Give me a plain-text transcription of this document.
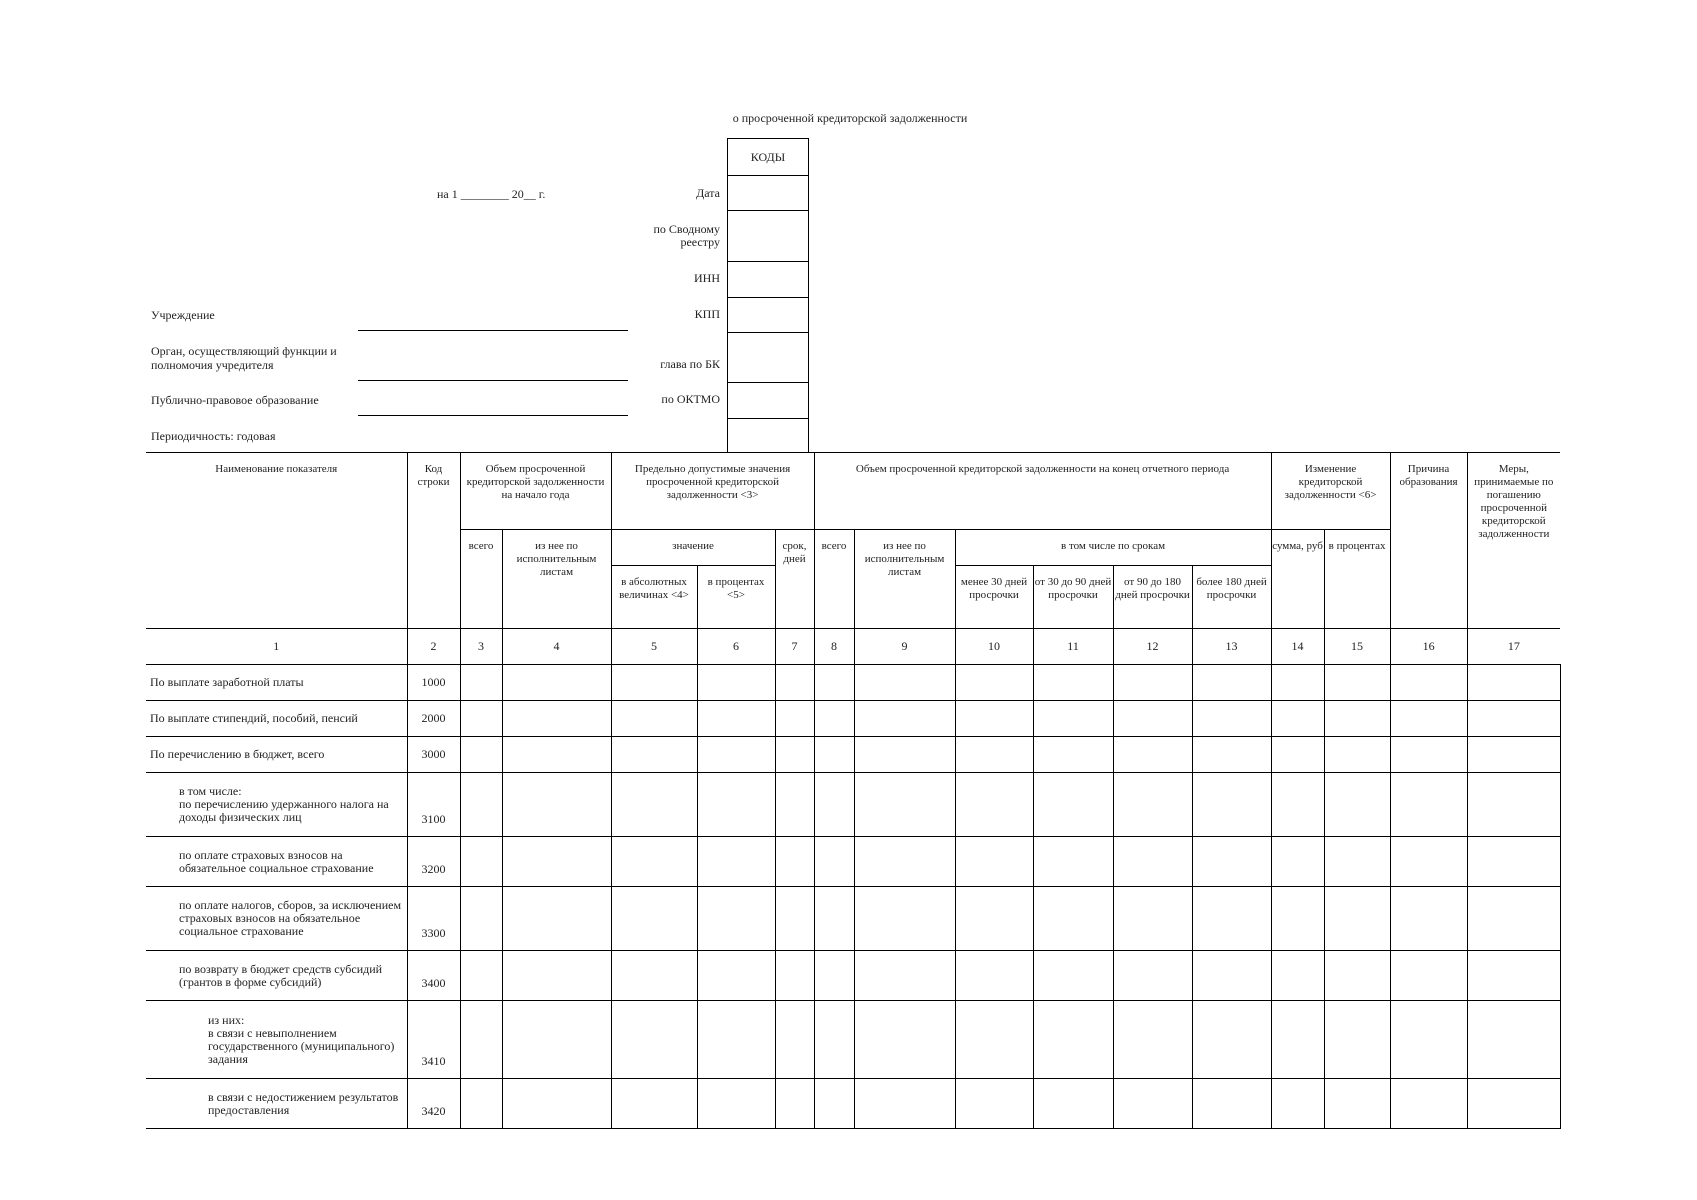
о просроченной кредиторской задолженности
на 1 ________ 20__ г.
КОДЫ
Дата
по Сводному реестру
ИНН
КПП
глава по БК
по ОКТМО
Учреждение
Орган, осуществляющий функции и полномочия учредителя
Публично-правовое образование
Периодичность: годовая
Наименование показателя	Код строки	Объем просроченной кредиторской задолженности на начало года		Предельно допустимые значения просроченной кредиторской задолженности <3>			Объем просроченной кредиторской задолженности на конец отчетного периода						Изменение кредиторской задолженности <6>		Причина образования	Меры, принимаемые по погашению просроченной кредиторской задолженности
		всего	из нее по исполнительным листам	значение		срок, дней	всего	из нее по исполнительным листам	в том числе по срокам				сумма, руб	в процентах		
				в абсолютных величинах <4>	в процентах <5>				менее 30 дней просрочки	от 30 до 90 дней просрочки	от 90 до 180 дней просрочки	более 180 дней просрочки				
1	2	3	4	5	6	7	8	9	10	11	12	13	14	15	16	17
По выплате заработной платы	1000															
По выплате стипендий, пособий, пенсий	2000															
По перечислению в бюджет, всего	3000															
в том числе:
по перечислению удержанного налога на доходы физических лиц	3100															
по оплате страховых взносов на обязательное социальное страхование	3200															
по оплате налогов, сборов, за исключением страховых взносов на обязательное социальное страхование	3300															
по возврату в бюджет средств субсидий (грантов в форме субсидий)	3400															
из них:
в связи с невыполнением государственного (муниципального) задания	3410															
в связи с недостижением результатов предоставления	3420															
